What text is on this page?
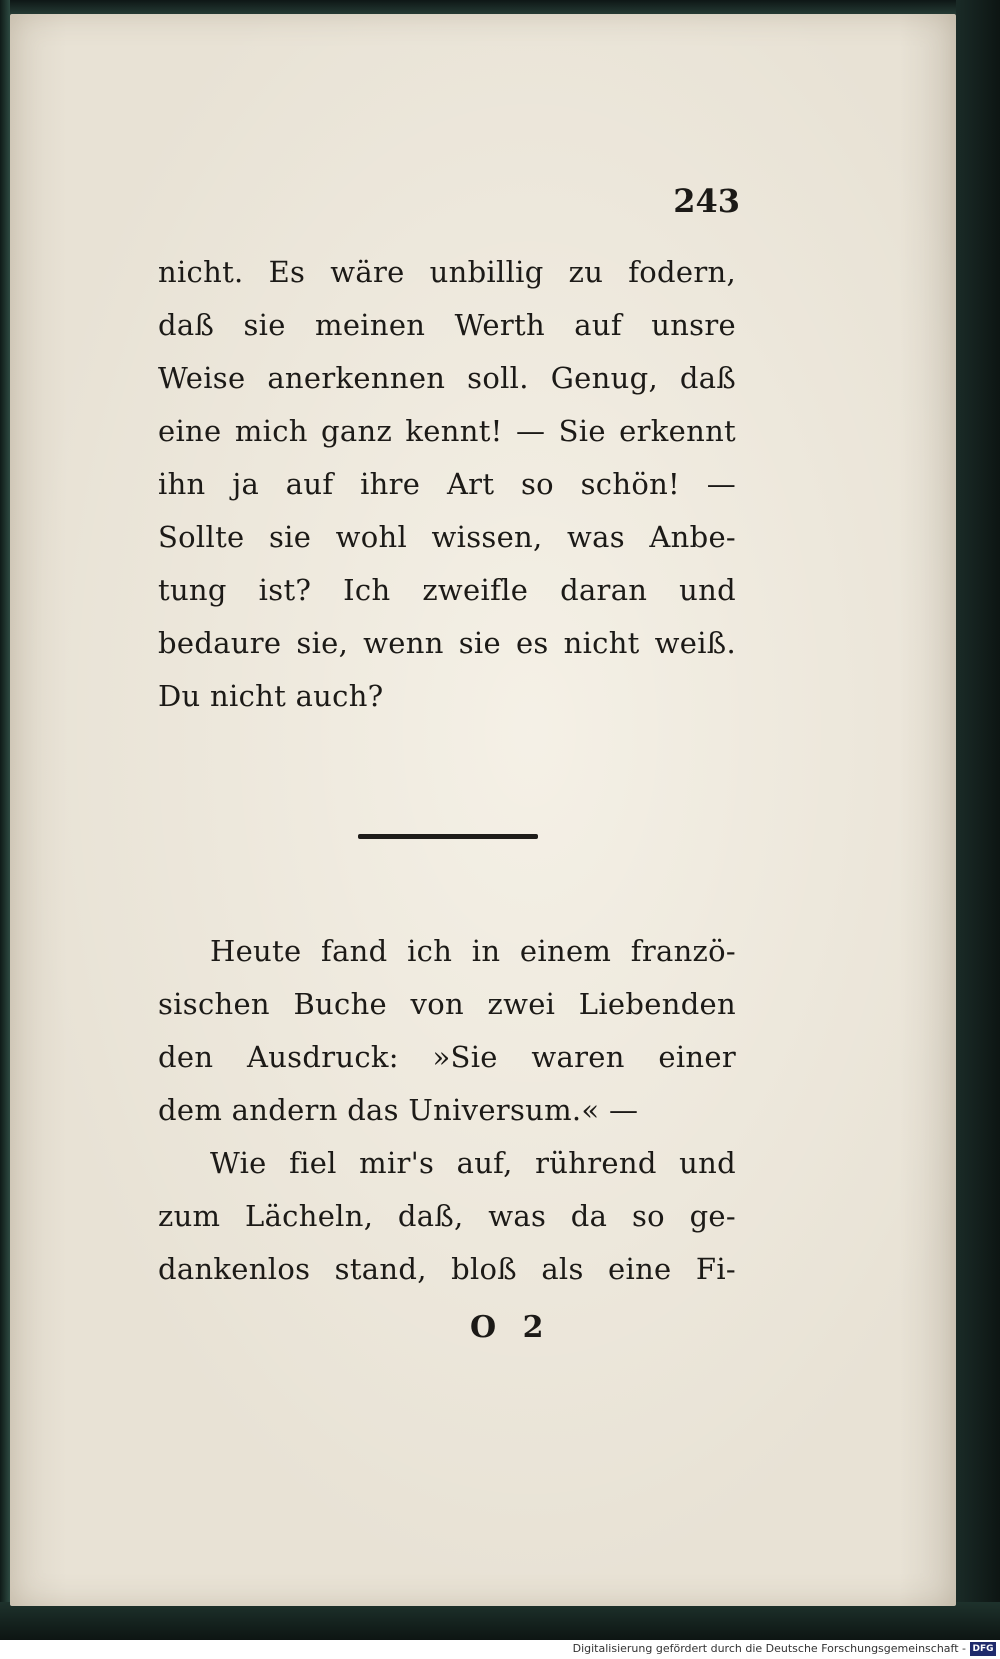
243
nicht. Es wäre unbillig zu fodern,
daß sie meinen Werth auf unsre
Weise anerkennen soll. Genug, daß
eine mich ganz kennt! — Sie erkennt
ihn ja auf ihre Art so schön! —
Sollte sie wohl wissen, was Anbe-
tung ist? Ich zweifle daran und
bedaure sie, wenn sie es nicht weiß.
Du nicht auch?
Heute fand ich in einem franzö-
sischen Buche von zwei Liebenden
den Ausdruck: »Sie waren einer
dem andern das Universum.« —
Wie fiel mir's auf, rührend und
zum Lächeln, daß, was da so ge-
dankenlos stand, bloß als eine Fi-
O 2
Digitalisierung gefördert durch die Deutsche Forschungsgemeinschaft - DFG
